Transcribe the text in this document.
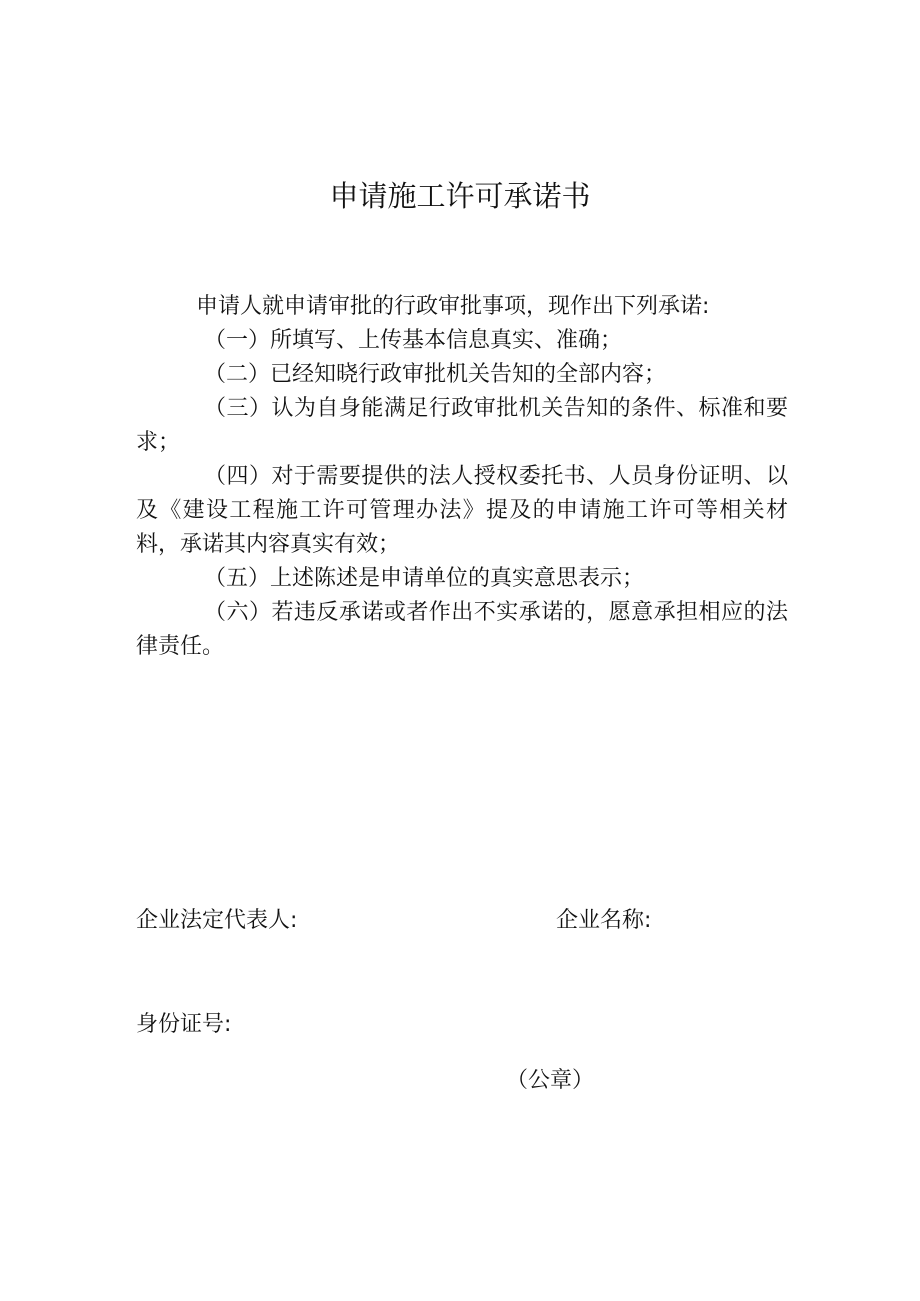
申请施工许可承诺书

申请人就申请审批的行政审批事项，现作出下列承诺:

（一）所填写、上传基本信息真实、准确；

（二）已经知晓行政审批机关告知的全部内容；

（三）认为自身能满足行政审批机关告知的条件、标准和要求；

（四）对于需要提供的法人授权委托书、人员身份证明、以及《建设工程施工许可管理办法》提及的申请施工许可等相关材料，承诺其内容真实有效；

（五）上述陈述是申请单位的真实意思表示；

（六）若违反承诺或者作出不实承诺的，愿意承担相应的法律责任。

企业法定代表人:	企业名称:
身份证号:
（公章）
